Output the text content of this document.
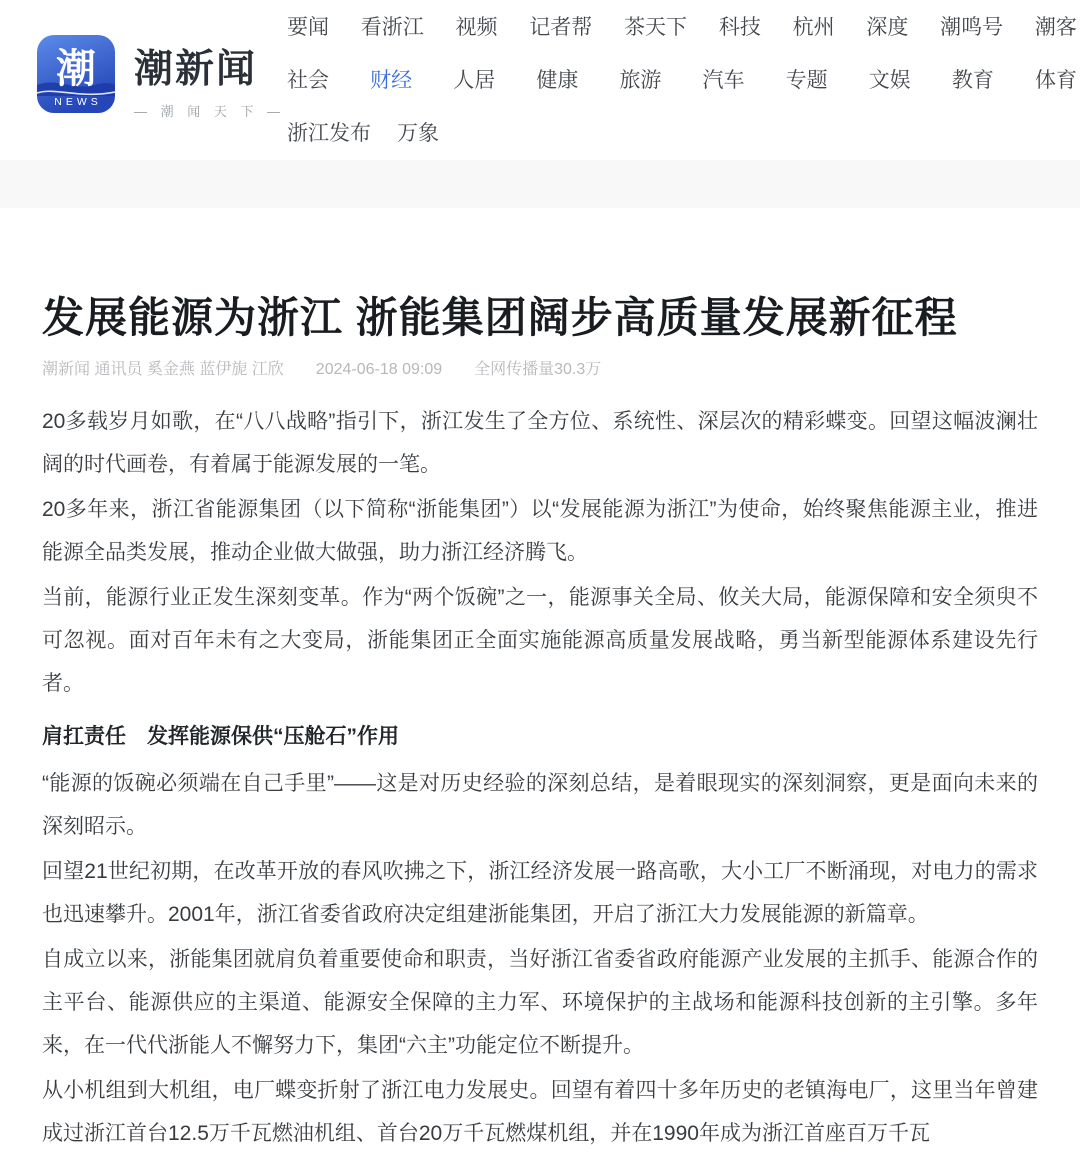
潮
NEWS
潮新闻
— 潮 闻 天 下 —
要闻 看浙江 视频 记者帮 茶天下 科技 杭州 深度 潮鸣号 潮客
社会 财经 人居 健康 旅游 汽车 专题 文娱 教育 体育
浙江发布 万象
发展能源为浙江 浙能集团阔步高质量发展新征程
潮新闻 通讯员 奚金燕 蓝伊旎 江欣 2024-06-18 09:09 全网传播量30.3万

20多载岁月如歌，在“八八战略”指引下，浙江发生了全方位、系统性、深层次的精彩蝶变。回望这幅波澜壮阔的时代画卷，有着属于能源发展的一笔。

20多年来，浙江省能源集团（以下简称“浙能集团”）以“发展能源为浙江”为使命，始终聚焦能源主业，推进能源全品类发展，推动企业做大做强，助力浙江经济腾飞。

当前，能源行业正发生深刻变革。作为“两个饭碗”之一，能源事关全局、攸关大局，能源保障和安全须臾不可忽视。面对百年未有之大变局，浙能集团正全面实施能源高质量发展战略，勇当新型能源体系建设先行者。

肩扛责任　发挥能源保供“压舱石”作用

“能源的饭碗必须端在自己手里”——这是对历史经验的深刻总结，是着眼现实的深刻洞察，更是面向未来的深刻昭示。

回望21世纪初期，在改革开放的春风吹拂之下，浙江经济发展一路高歌，大小工厂不断涌现，对电力的需求也迅速攀升。2001年，浙江省委省政府决定组建浙能集团，开启了浙江大力发展能源的新篇章。

自成立以来，浙能集团就肩负着重要使命和职责，当好浙江省委省政府能源产业发展的主抓手、能源合作的主平台、能源供应的主渠道、能源安全保障的主力军、环境保护的主战场和能源科技创新的主引擎。多年来，在一代代浙能人不懈努力下，集团“六主”功能定位不断提升。

从小机组到大机组，电厂蝶变折射了浙江电力发展史。回望有着四十多年历史的老镇海电厂，这里当年曾建成过浙江首台12.5万千瓦燃油机组、首台20万千瓦燃煤机组，并在1990年成为浙江首座百万千瓦
